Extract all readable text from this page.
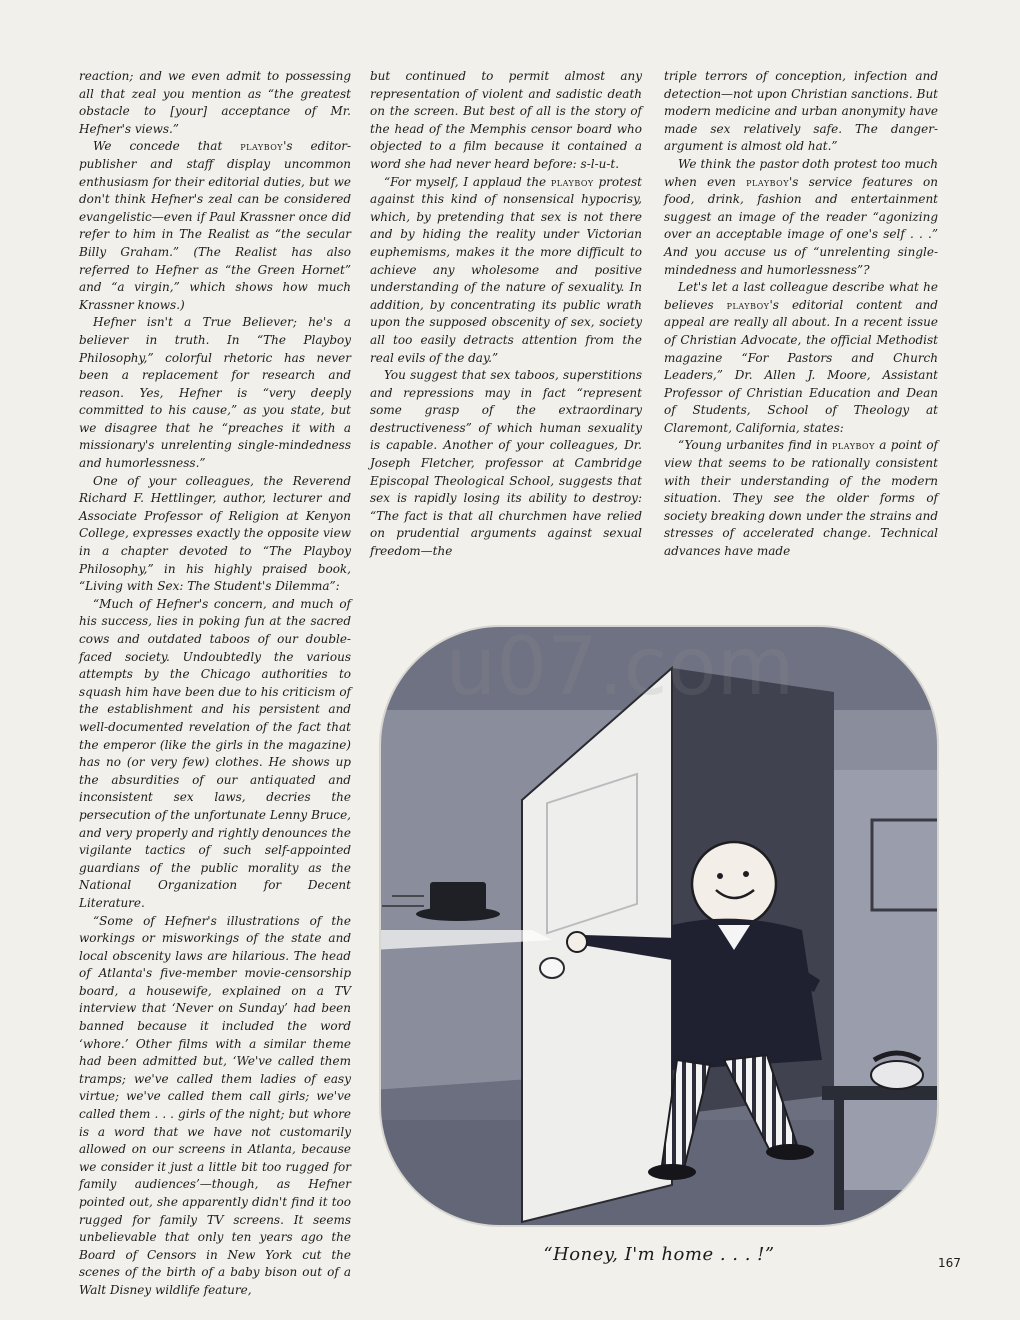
reaction; and we even admit to possessing all that zeal you mention as “the greatest obstacle to [your] acceptance of Mr. Hefner's views.”

We concede that playboy's editor-publisher and staff display uncommon enthusiasm for their editorial duties, but we don't think Hefner's zeal can be considered evangelistic—even if Paul Krassner once did refer to him in The Realist as “the secular Billy Graham.” (The Realist has also referred to Hefner as “the Green Hornet” and “a virgin,” which shows how much Krassner knows.)

Hefner isn't a True Believer; he's a believer in truth. In “The Playboy Philosophy,” colorful rhetoric has never been a replacement for research and reason. Yes, Hefner is “very deeply committed to his cause,” as you state, but we disagree that he “preaches it with a missionary's unrelenting single-mindedness and humorlessness.”

One of your colleagues, the Reverend Richard F. Hettlinger, author, lecturer and Associate Professor of Religion at Kenyon College, expresses exactly the opposite view in a chapter devoted to “The Playboy Philosophy,” in his highly praised book, “Living with Sex: The Student's Dilemma”:

“Much of Hefner's concern, and much of his success, lies in poking fun at the sacred cows and outdated taboos of our double-faced society. Undoubtedly the various attempts by the Chicago authorities to squash him have been due to his criticism of the establishment and his persistent and well-documented revelation of the fact that the emperor (like the girls in the magazine) has no (or very few) clothes. He shows up the absurdities of our antiquated and inconsistent sex laws, decries the persecution of the unfortunate Lenny Bruce, and very properly and rightly denounces the vigilante tactics of such self-appointed guardians of the public morality as the National Organization for Decent Literature.

“Some of Hefner's illustrations of the workings or misworkings of the state and local obscenity laws are hilarious. The head of Atlanta's five-member movie-censorship board, a housewife, explained on a TV interview that ‘Never on Sunday’ had been banned because it included the word ‘whore.’ Other films with a similar theme had been admitted but, ‘We've called them tramps; we've called them ladies of easy virtue; we've called them call girls; we've called them . . . girls of the night; but whore is a word that we have not customarily allowed on our screens in Atlanta, because we consider it just a little bit too rugged for family audiences’—though, as Hefner pointed out, she apparently didn't find it too rugged for family TV screens. It seems unbelievable that only ten years ago the Board of Censors in New York cut the scenes of the birth of a baby bison out of a Walt Disney wildlife feature,

but continued to permit almost any representation of violent and sadistic death on the screen. But best of all is the story of the head of the Memphis censor board who objected to a film because it contained a word she had never heard before: s-l-u-t.

“For myself, I applaud the playboy protest against this kind of nonsensical hypocrisy, which, by pretending that sex is not there and by hiding the reality under Victorian euphemisms, makes it the more difficult to achieve any wholesome and positive understanding of the nature of sexuality. In addition, by concentrating its public wrath upon the supposed obscenity of sex, society all too easily detracts attention from the real evils of the day.”

You suggest that sex taboos, superstitions and repressions may in fact “represent some grasp of the extraordinary destructiveness” of which human sexuality is capable. Another of your colleagues, Dr. Joseph Fletcher, professor at Cambridge Episcopal Theological School, suggests that sex is rapidly losing its ability to destroy: “The fact is that all churchmen have relied on prudential arguments against sexual freedom—the

triple terrors of conception, infection and detection—not upon Christian sanctions. But modern medicine and urban anonymity have made sex relatively safe. The danger-argument is almost old hat.”

We think the pastor doth protest too much when even playboy's service features on food, drink, fashion and entertainment suggest an image of the reader “agonizing over an acceptable image of one's self . . .” And you accuse us of “unrelenting single-mindedness and humorlessness”?

Let's let a last colleague describe what he believes playboy's editorial content and appeal are really all about. In a recent issue of Christian Advocate, the official Methodist magazine “For Pastors and Church Leaders,” Dr. Allen J. Moore, Assistant Professor of Christian Education and Dean of Students, School of Theology at Claremont, California, states:

“Young urbanites find in playboy a point of view that seems to be rationally consistent with their understanding of the modern situation. They see the older forms of society breaking down under the strains and stresses of accelerated change. Technical advances have made

“Honey, I'm home . . . !”	167
